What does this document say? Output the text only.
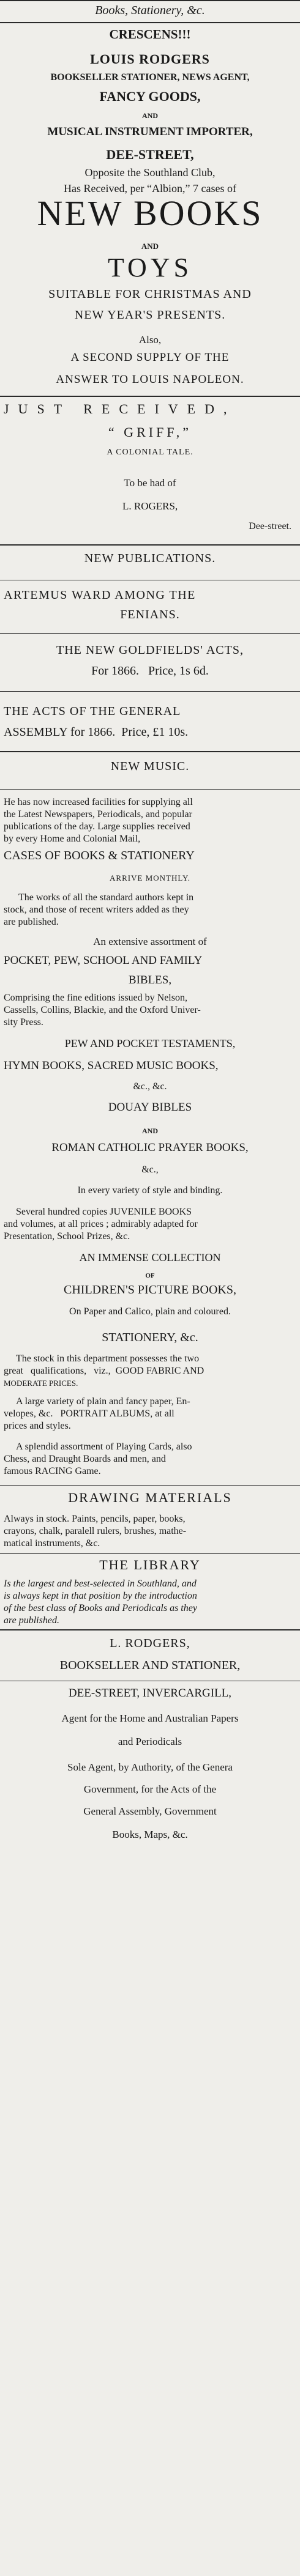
Books, Stationery, &c.
CRESCENS!!!
LOUIS RODGERS
BOOKSELLER STATIONER, NEWS AGENT,
FANCY GOODS,
AND
MUSICAL INSTRUMENT IMPORTER,
DEE-STREET,
Opposite the Southland Club,
Has Received, per “Albion,” 7 cases of
NEW BOOKS
AND
TOYS
SUITABLE FOR CHRISTMAS AND
NEW YEAR'S PRESENTS.
Also,
A SECOND SUPPLY OF THE
ANSWER TO LOUIS NAPOLEON.
JUST RECEIVED,
“ GRIFF,”
A COLONIAL TALE.
To be had of
L. ROGERS,
Dee-street.
NEW PUBLICATIONS.
ARTEMUS WARD AMONG THE
FENIANS.
THE NEW GOLDFIELDS' ACTS,
For 1866.   Price, 1s 6d.
THE ACTS OF THE GENERAL
ASSEMBLY for 1866.  Price, £1 10s.
NEW MUSIC.
He has now increased facilities for supplying all
the Latest Newspapers, Periodicals, and popular
publications of the day. Large supplies received
by every Home and Colonial Mail,
CASES OF BOOKS & STATIONERY
ARRIVE MONTHLY.
The works of all the standard authors kept in
stock, and those of recent writers added as they
are published.
An extensive assortment of
POCKET, PEW, SCHOOL AND FAMILY
BIBLES,
Comprising the fine editions issued by Nelson,
Cassells, Collins, Blackie, and the Oxford Univer-
sity Press.
PEW AND POCKET TESTAMENTS,
HYMN BOOKS, SACRED MUSIC BOOKS,
&c., &c.
DOUAY BIBLES
AND
ROMAN CATHOLIC PRAYER BOOKS,
&c.,
In every variety of style and binding.
Several hundred copies JUVENILE BOOKS
and volumes, at all prices ; admirably adapted for
Presentation, School Prizes, &c.
AN IMMENSE COLLECTION
OF
CHILDREN'S PICTURE BOOKS,
On Paper and Calico, plain and coloured.
STATIONERY, &c.
The stock in this department possesses the two
great   qualifications,   viz.,  GOOD FABRIC AND
MODERATE PRICES.
A large variety of plain and fancy paper, En-
velopes, &c.   PORTRAIT ALBUMS, at all
prices and styles.
A splendid assortment of Playing Cards, also
Chess, and Draught Boards and men, and
famous RACING Game.
DRAWING MATERIALS
Always in stock. Paints, pencils, paper, books,
crayons, chalk, paralell rulers, brushes, mathe-
matical instruments, &c.
THE LIBRARY
Is the largest and best-selected in Southland, and
is always kept in that position by the introduction
of the best class of Books and Periodicals as they
are published.
L. RODGERS,
BOOKSELLER AND STATIONER,
DEE-STREET, INVERCARGILL,
Agent for the Home and Australian Papers
and Periodicals
Sole Agent, by Authority, of the Genera
Government, for the Acts of the
General Assembly, Government
Books, Maps, &c.
